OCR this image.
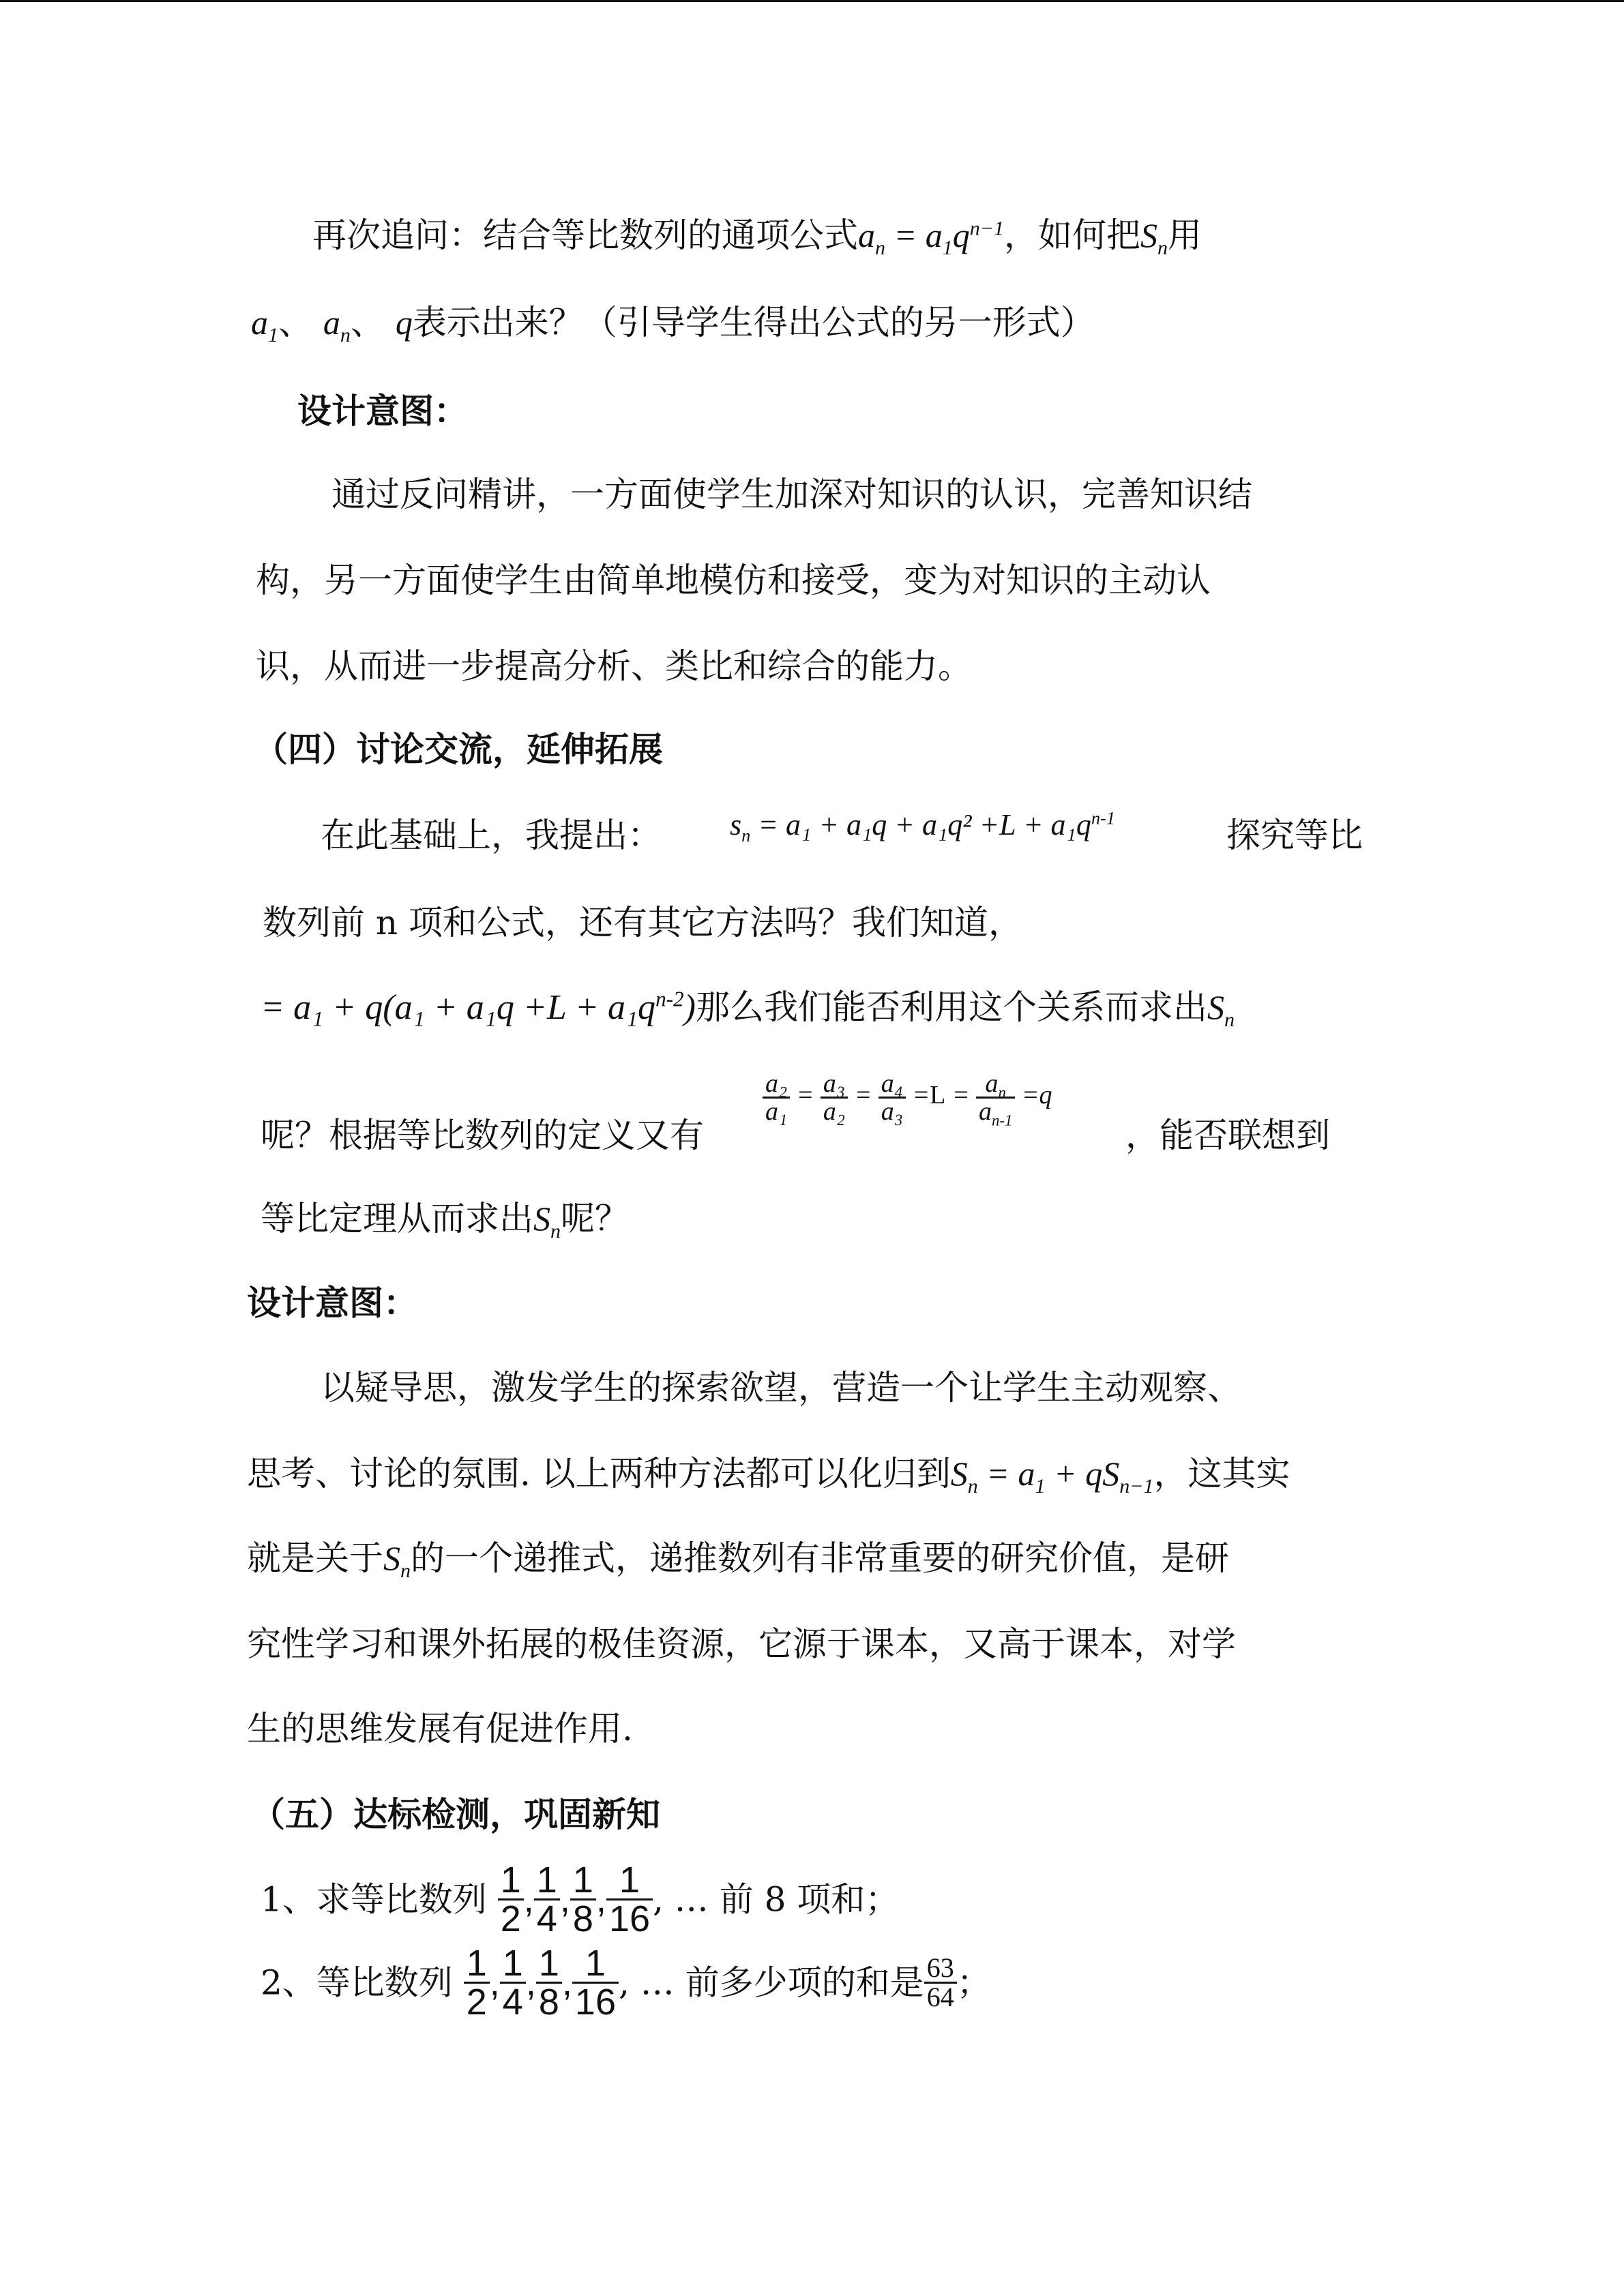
再次追问：结合等比数列的通项公式$a_n = a_1q^{n-1}$，如何把$S_n$用
$a_1$、 $a_n$、 q表示出来？（引导学生得出公式的另一形式）
设计意图：
通过反问精讲，一方面使学生加深对知识的认识，完善知识结
构，另一方面使学生由简单地模仿和接受，变为对知识的主动认
识，从而进一步提高分析、类比和综合的能力。
（四）讨论交流，延伸拓展
在此基础上，我提出： $s_n = a_1 + a_1q + a_1q^2 +L + a_1q^{n-1}$	探究等比
数列前 n 项和公式，还有其它方法吗？我们知道，
= $a_1 + q(a_1 + a_1q +L + a_1q^{n-2})$那么我们能否利用这个关系而求出$S_n$
呢？根据等比数列的定义又有
$\frac{\text{a₂}}{\text{a₁}} = \frac{\text{a₃}}{\text{a₂}} = \frac{\text{a₄}}{\text{a₃}} =L = \frac{a_n}{a_{n-1}} =q$
，能否联想到
等比定理从而求出$S_n$呢？
设计意图：
以疑导思，激发学生的探索欲望，营造一个让学生主动观察、
思考、讨论的氛围. 以上两种方法都可以化归到$S_n = a_1 + qS_{n-1}$，这其实
就是关于$S_n$的一个递推式，递推数列有非常重要的研究价值，是研
究性学习和课外拓展的极佳资源，它源于课本，又高于课本，对学
生的思维发展有促进作用.
（五）达标检测，巩固新知
1、求等比数列 $\frac{1}{2}$ , $\frac{1}{4}$ , $\frac{1}{8}$ , $\frac{1}{16}$ , … 前 8 项和；
2、等比数列 $\frac{1}{2}$ , $\frac{1}{4}$ , $\frac{1}{8}$ , $\frac{1}{16}$ , … 前多少项的和是 $\frac{63}{64}$ ；
